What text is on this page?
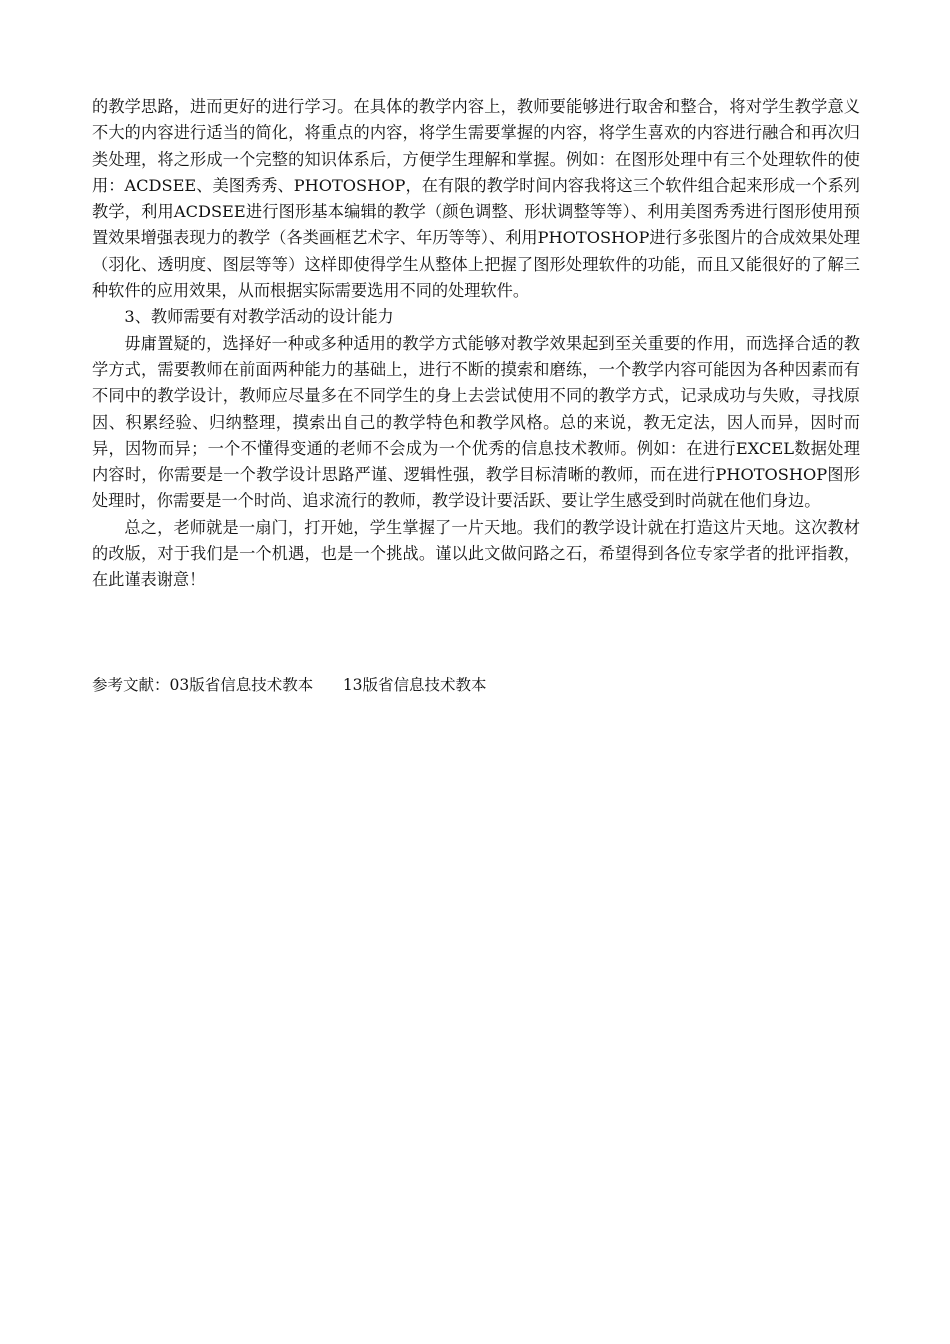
的教学思路，进而更好的进行学习。在具体的教学内容上，教师要能够进行取舍和整合，将对学生教学意义不大的内容进行适当的简化，将重点的内容，将学生需要掌握的内容，将学生喜欢的内容进行融合和再次归类处理，将之形成一个完整的知识体系后，方便学生理解和掌握。例如：在图形处理中有三个处理软件的使用：ACDSEE、美图秀秀、PHOTOSHOP，在有限的教学时间内容我将这三个软件组合起来形成一个系列教学，利用ACDSEE进行图形基本编辑的教学（颜色调整、形状调整等等）、利用美图秀秀进行图形使用预置效果增强表现力的教学（各类画框艺术字、年历等等）、利用PHOTOSHOP进行多张图片的合成效果处理（羽化、透明度、图层等等）这样即使得学生从整体上把握了图形处理软件的功能，而且又能很好的了解三种软件的应用效果，从而根据实际需要选用不同的处理软件。

3、教师需要有对教学活动的设计能力

毋庸置疑的，选择好一种或多种适用的教学方式能够对教学效果起到至关重要的作用，而选择合适的教学方式，需要教师在前面两种能力的基础上，进行不断的摸索和磨练，一个教学内容可能因为各种因素而有不同中的教学设计，教师应尽量多在不同学生的身上去尝试使用不同的教学方式，记录成功与失败，寻找原因、积累经验、归纳整理，摸索出自己的教学特色和教学风格。总的来说，教无定法，因人而异，因时而异，因物而异；一个不懂得变通的老师不会成为一个优秀的信息技术教师。例如：在进行EXCEL数据处理内容时，你需要是一个教学设计思路严谨、逻辑性强，教学目标清晰的教师，而在进行PHOTOSHOP图形处理时，你需要是一个时尚、追求流行的教师，教学设计要活跃、要让学生感受到时尚就在他们身边。

总之，老师就是一扇门，打开她，学生掌握了一片天地。我们的教学设计就在打造这片天地。这次教材的改版，对于我们是一个机遇，也是一个挑战。谨以此文做问路之石，希望得到各位专家学者的批评指教，在此谨表谢意！

参考文献：03版省信息技术教本 13版省信息技术教本
